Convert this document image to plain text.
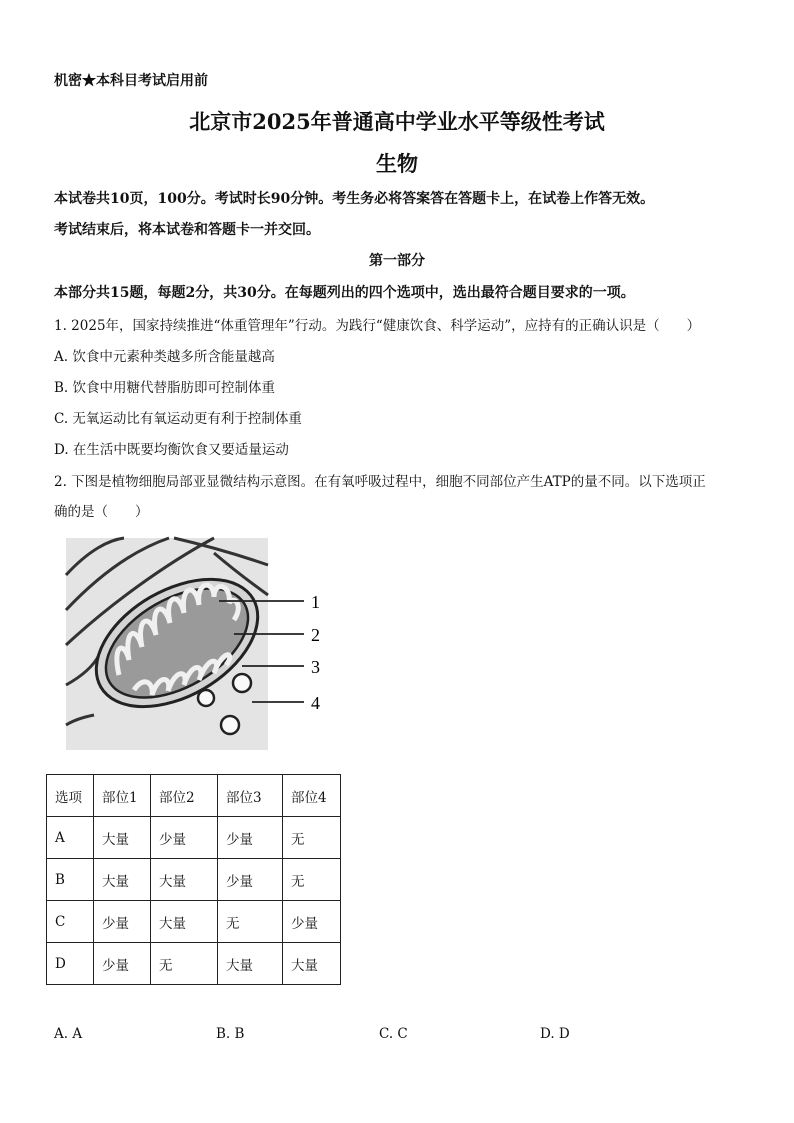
机密★本科目考试启用前
北京市2025年普通高中学业水平等级性考试
生物
本试卷共10页，100分。考试时长90分钟。考生务必将答案答在答题卡上，在试卷上作答无效。
考试结束后，将本试卷和答题卡一并交回。
第一部分
本部分共15题，每题2分，共30分。在每题列出的四个选项中，选出最符合题目要求的一项。
1. 2025年，国家持续推进“体重管理年”行动。为践行“健康饮食、科学运动”，应持有的正确认识是（　　）
A. 饮食中元素种类越多所含能量越高
B. 饮食中用糖代替脂肪即可控制体重
C. 无氧运动比有氧运动更有利于控制体重
D. 在生活中既要均衡饮食又要适量运动
2. 下图是植物细胞局部亚显微结构示意图。在有氧呼吸过程中，细胞不同部位产生ATP的量不同。以下选项正
确的是（　　）
1
2
3
4
选项	部位1	部位2	部位3	部位4
A	大量	少量	少量	无
B	大量	大量	少量	无
C	少量	大量	无	少量
D	少量	无	大量	大量
A. A	B. B	C. C	D. D
